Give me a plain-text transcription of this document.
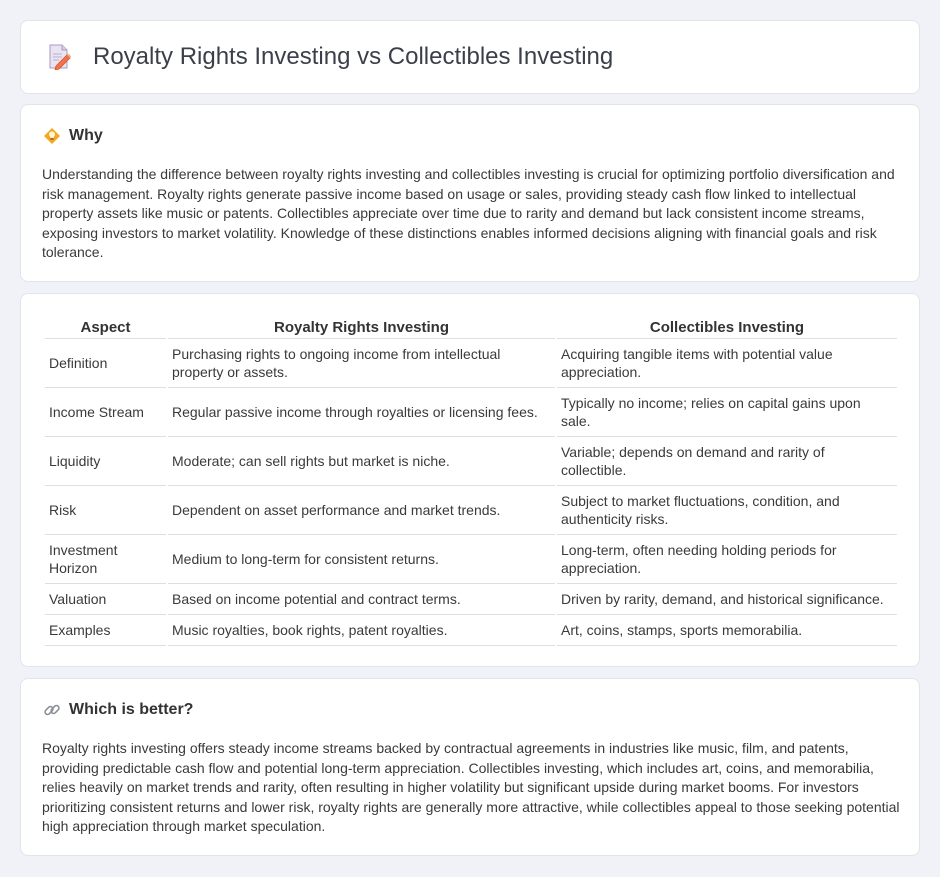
Royalty Rights Investing vs Collectibles Investing
Why

Understanding the difference between royalty rights investing and collectibles investing is crucial for optimizing portfolio diversification and risk management. Royalty rights generate passive income based on usage or sales, providing steady cash flow linked to intellectual property assets like music or patents. Collectibles appreciate over time due to rarity and demand but lack consistent income streams, exposing investors to market volatility. Knowledge of these distinctions enables informed decisions aligning with financial goals and risk tolerance.

Aspect	Royalty Rights Investing	Collectibles Investing
Definition	Purchasing rights to ongoing income from intellectual property or assets.	Acquiring tangible items with potential value appreciation.
Income Stream	Regular passive income through royalties or licensing fees.	Typically no income; relies on capital gains upon sale.
Liquidity	Moderate; can sell rights but market is niche.	Variable; depends on demand and rarity of collectible.
Risk	Dependent on asset performance and market trends.	Subject to market fluctuations, condition, and authenticity risks.
Investment Horizon	Medium to long-term for consistent returns.	Long-term, often needing holding periods for appreciation.
Valuation	Based on income potential and contract terms.	Driven by rarity, demand, and historical significance.
Examples	Music royalties, book rights, patent royalties.	Art, coins, stamps, sports memorabilia.
Which is better?

Royalty rights investing offers steady income streams backed by contractual agreements in industries like music, film, and patents, providing predictable cash flow and potential long-term appreciation. Collectibles investing, which includes art, coins, and memorabilia, relies heavily on market trends and rarity, often resulting in higher volatility but significant upside during market booms. For investors prioritizing consistent returns and lower risk, royalty rights are generally more attractive, while collectibles appeal to those seeking potential high appreciation through market speculation.
